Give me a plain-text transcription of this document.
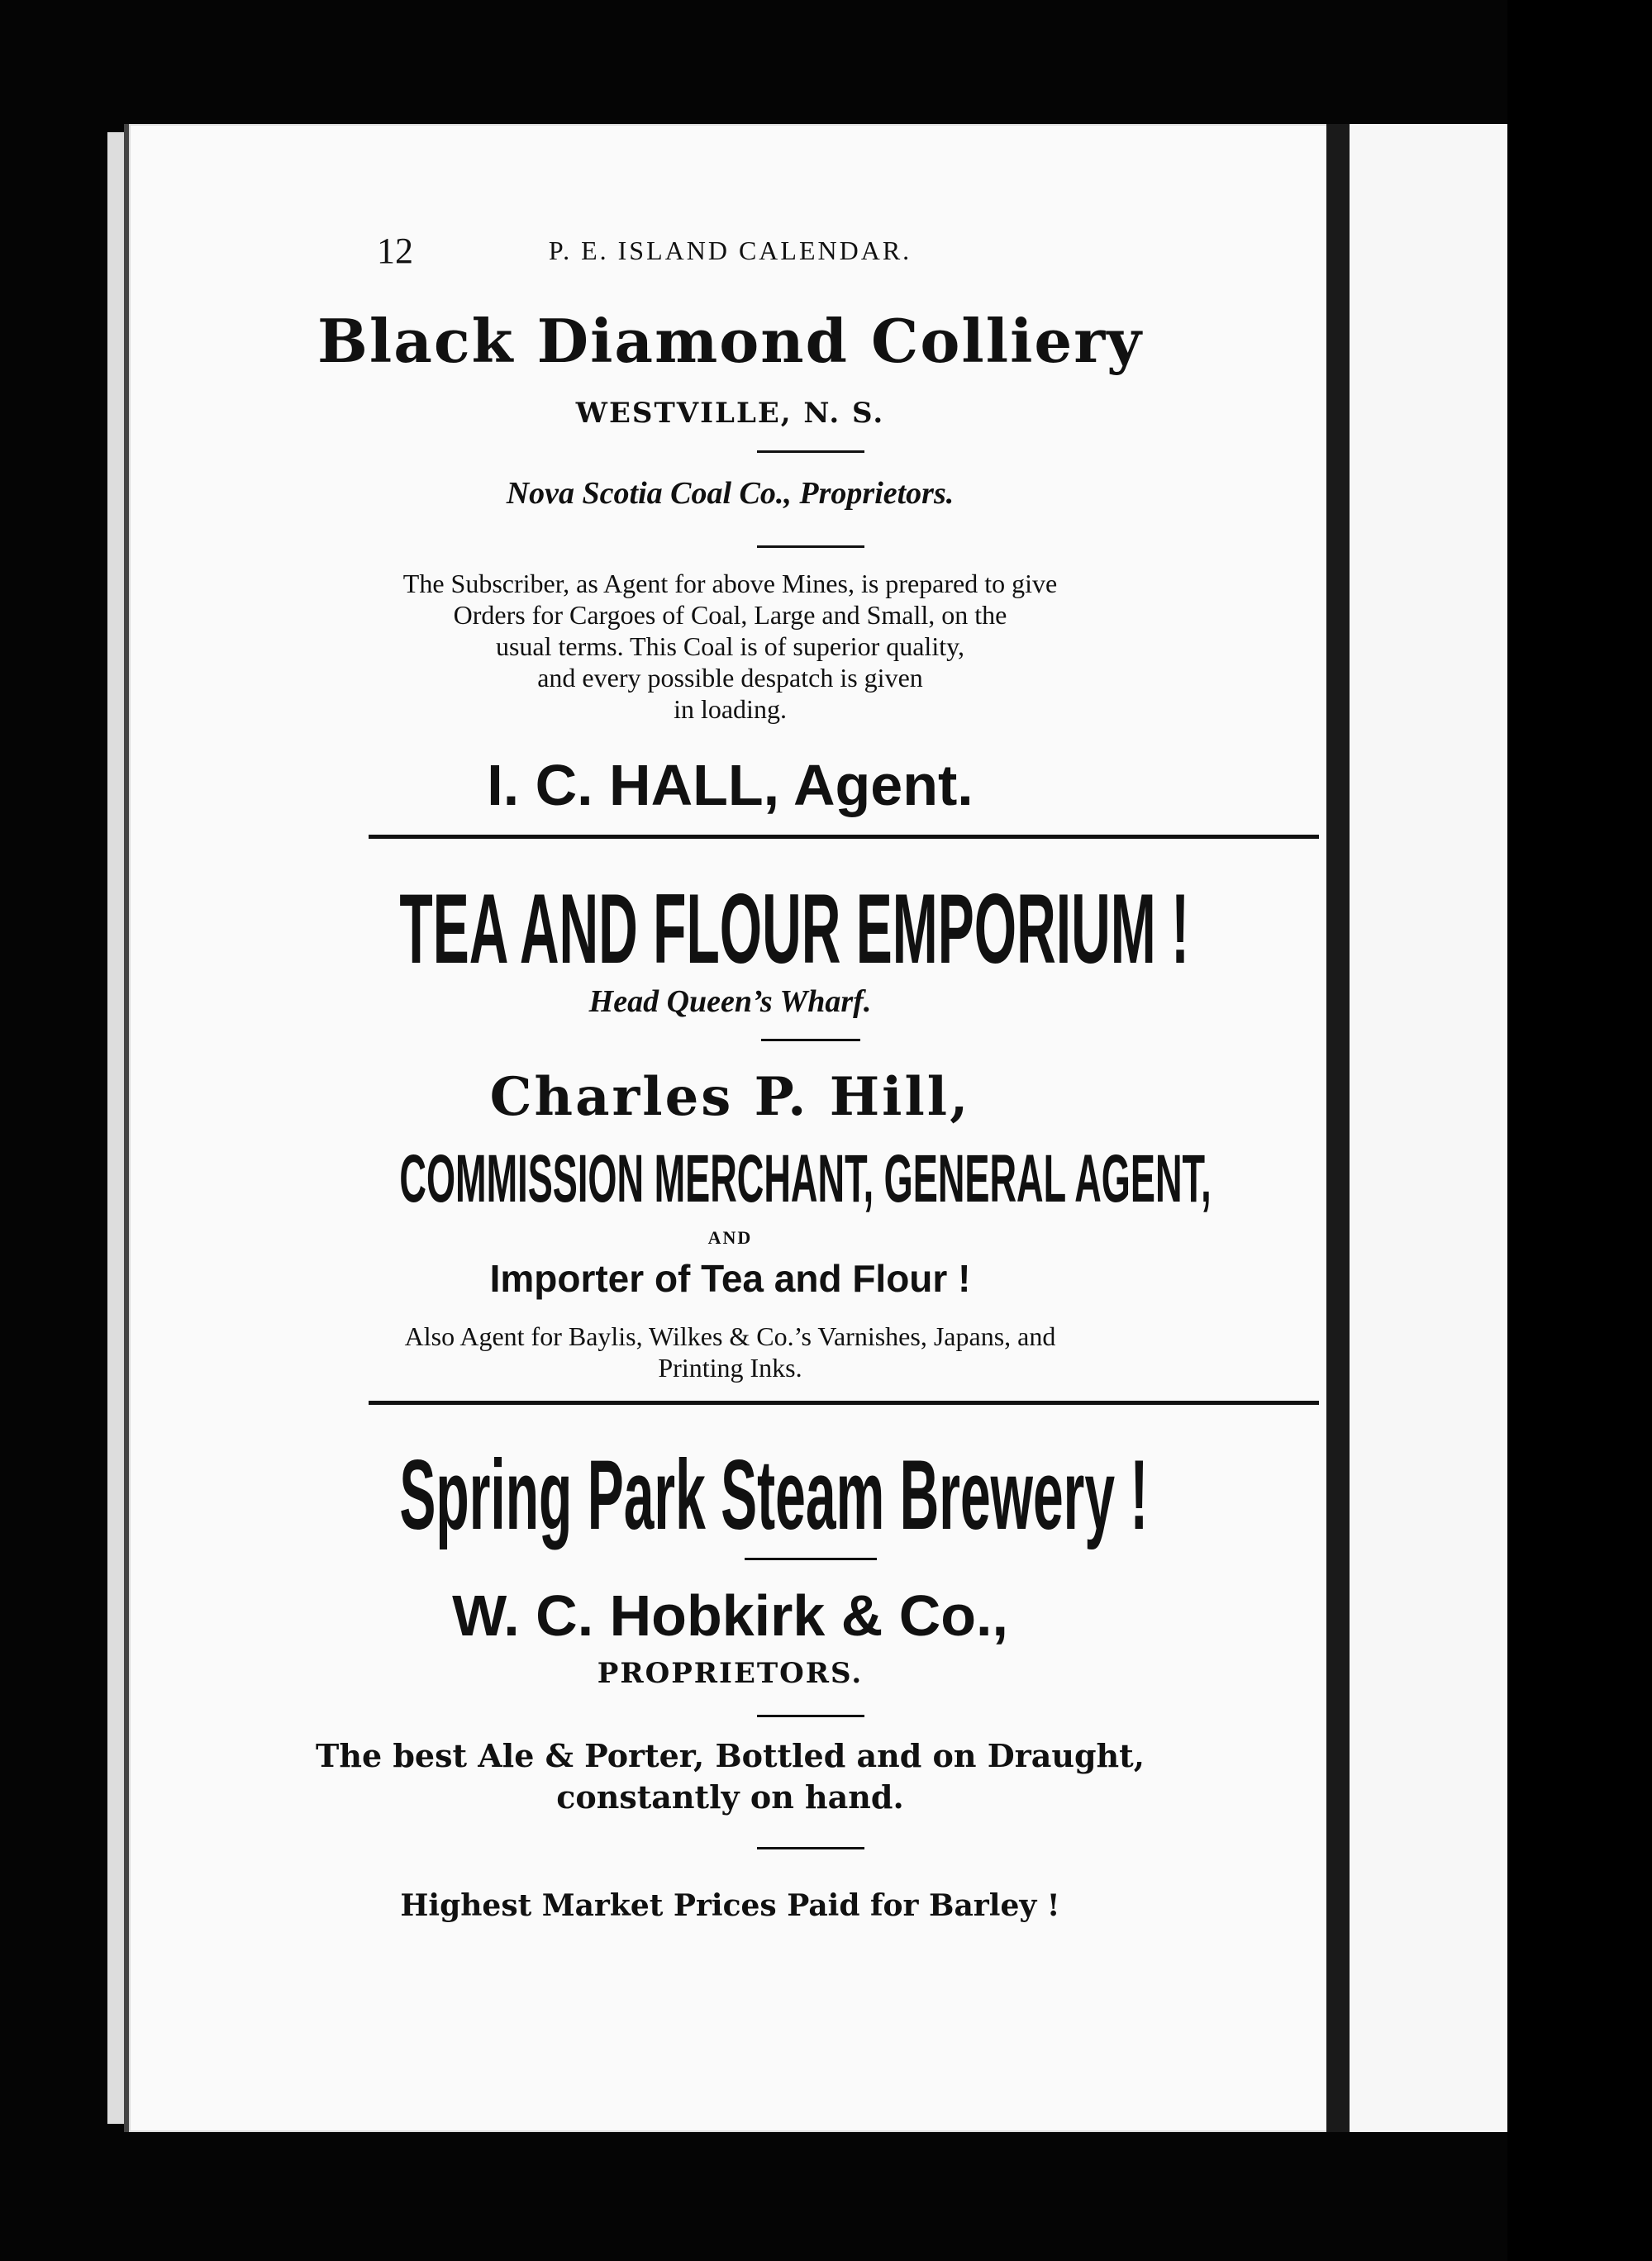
12	P. E. ISLAND CALENDAR.
Black Diamond Colliery
WESTVILLE, N. S.
Nova Scotia Coal Co., Proprietors.
The Subscriber, as Agent for above Mines, is prepared to give
Orders for Cargoes of Coal, Large and Small, on the
usual terms. This Coal is of superior quality,
and every possible despatch is given
in loading.
I. C. HALL, Agent.
TEA AND FLOUR EMPORIUM !
Head Queen’s Wharf.
Charles P. Hill,
COMMISSION MERCHANT, GENERAL AGENT,
AND
Importer of Tea and Flour !
Also Agent for Baylis, Wilkes & Co.’s Varnishes, Japans, and
Printing Inks.
Spring Park Steam Brewery !
W. C. Hobkirk & Co.,
PROPRIETORS.
The best Ale & Porter, Bottled and on Draught,
constantly on hand.
Highest Market Prices Paid for Barley !	LONDON HOUSE!
